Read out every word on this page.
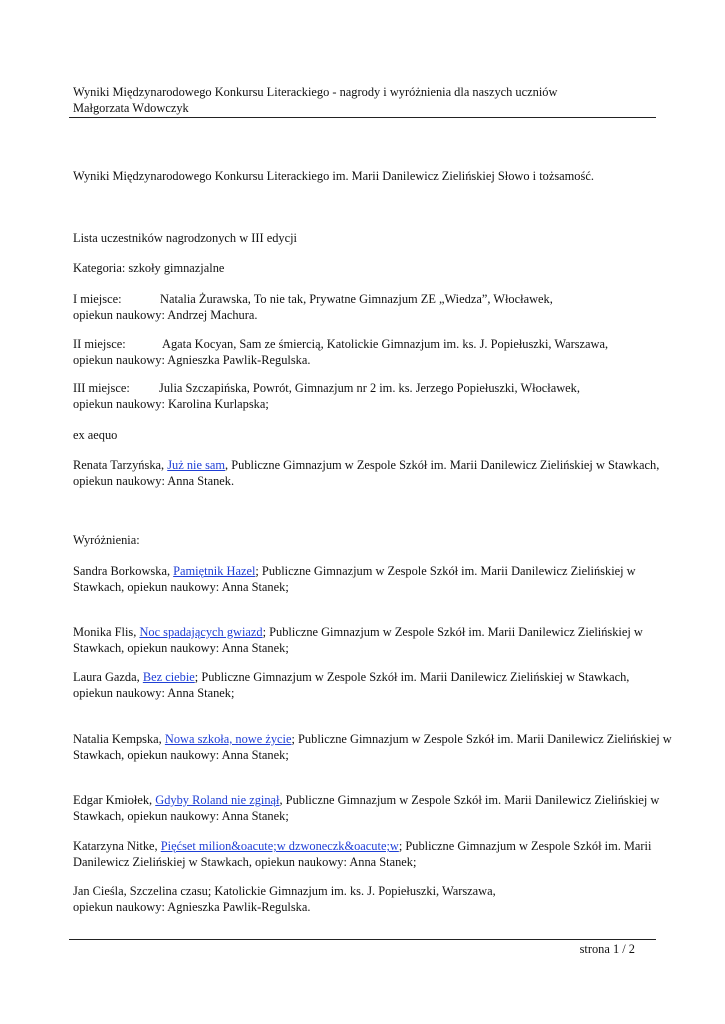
Wyniki Międzynarodowego Konkursu Literackiego - nagrody i wyróżnienia dla naszych uczniów
Małgorzata Wdowczyk
Wyniki Międzynarodowego Konkursu Literackiego im. Marii Danilewicz Zielińskiej Słowo i tożsamość.
Lista uczestników nagrodzonych w III edycji
Kategoria: szkoły gimnazjalne
I miejsce:	Natalia Żurawska, To nie tak, Prywatne Gimnazjum ZE „Wiedza”, Włocławek,
opiekun naukowy: Andrzej Machura.
II miejsce:	Agata Kocyan, Sam ze śmiercią, Katolickie Gimnazjum im. ks. J. Popiełuszki, Warszawa,
opiekun naukowy: Agnieszka Pawlik-Regulska.
III miejsce: Julia Szczapińska, Powrót, Gimnazjum nr 2 im. ks. Jerzego Popiełuszki, Włocławek,
opiekun naukowy: Karolina Kurlapska;
ex aequo
Renata Tarzyńska, Już nie sam, Publiczne Gimnazjum w Zespole Szkół im. Marii Danilewicz Zielińskiej w Stawkach,
opiekun naukowy: Anna Stanek.
Wyróżnienia:
Sandra Borkowska, Pamiętnik Hazel; Publiczne Gimnazjum w Zespole Szkół im. Marii Danilewicz Zielińskiej w
Stawkach, opiekun naukowy: Anna Stanek;
Monika Flis, Noc spadających gwiazd; Publiczne Gimnazjum w Zespole Szkół im. Marii Danilewicz Zielińskiej w
Stawkach, opiekun naukowy: Anna Stanek;
Laura Gazda, Bez ciebie; Publiczne Gimnazjum w Zespole Szkół im. Marii Danilewicz Zielińskiej w Stawkach,
opiekun naukowy: Anna Stanek;
Natalia Kempska, Nowa szkoła, nowe życie; Publiczne Gimnazjum w Zespole Szkół im. Marii Danilewicz Zielińskiej w
Stawkach, opiekun naukowy: Anna Stanek;
Edgar Kmiołek, Gdyby Roland nie zginął, Publiczne Gimnazjum w Zespole Szkół im. Marii Danilewicz Zielińskiej w
Stawkach, opiekun naukowy: Anna Stanek;
Katarzyna Nitke, Pięćset milion&oacute;w dzwoneczk&oacute;w; Publiczne Gimnazjum w Zespole Szkół im. Marii
Danilewicz Zielińskiej w Stawkach, opiekun naukowy: Anna Stanek;
Jan Cieśla, Szczelina czasu; Katolickie Gimnazjum im. ks. J. Popiełuszki, Warszawa,
opiekun naukowy: Agnieszka Pawlik-Regulska.
strona 1 / 2
